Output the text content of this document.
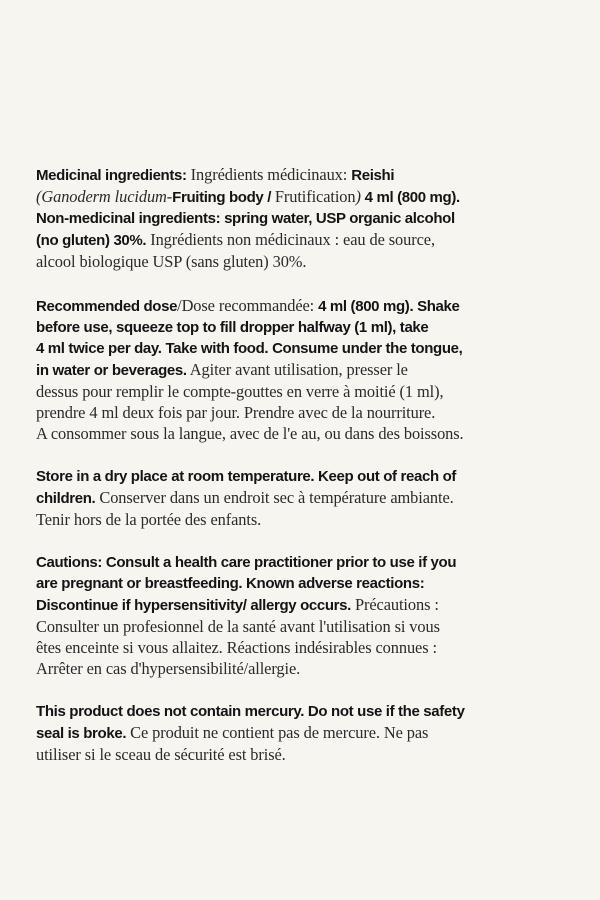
Medicinal ingredients: Ingrédients médicinaux: Reishi
(Ganoderm lucidum-Fruiting body / Frutification) 4 ml (800 mg).
Non-medicinal ingredients: spring water, USP organic alcohol
(no gluten) 30%. Ingrédients non médicinaux : eau de source,
alcool biologique USP (sans gluten) 30%.

Recommended dose/Dose recommandée: 4 ml (800 mg). Shake
before use, squeeze top to fill dropper halfway (1 ml), take
4 ml twice per day. Take with food. Consume under the tongue,
in water or beverages. Agiter avant utilisation, presser le
dessus pour remplir le compte-gouttes en verre à moitié (1 ml),
prendre 4 ml deux fois par jour. Prendre avec de la nourriture.
A consommer sous la langue, avec de l'e au, ou dans des boissons.

Store in a dry place at room temperature. Keep out of reach of
children. Conserver dans un endroit sec à température ambiante.
Tenir hors de la portée des enfants.

Cautions: Consult a health care practitioner prior to use if you
are pregnant or breastfeeding. Known adverse reactions:
Discontinue if hypersensitivity/ allergy occurs. Précautions :
Consulter un profesionnel de la santé avant l'utilisation si vous
êtes enceinte si vous allaitez. Réactions indésirables connues :
Arrêter en cas d'hypersensibilité/allergie.

This product does not contain mercury. Do not use if the safety
seal is broke. Ce produit ne contient pas de mercure. Ne pas
utiliser si le sceau de sécurité est brisé.
